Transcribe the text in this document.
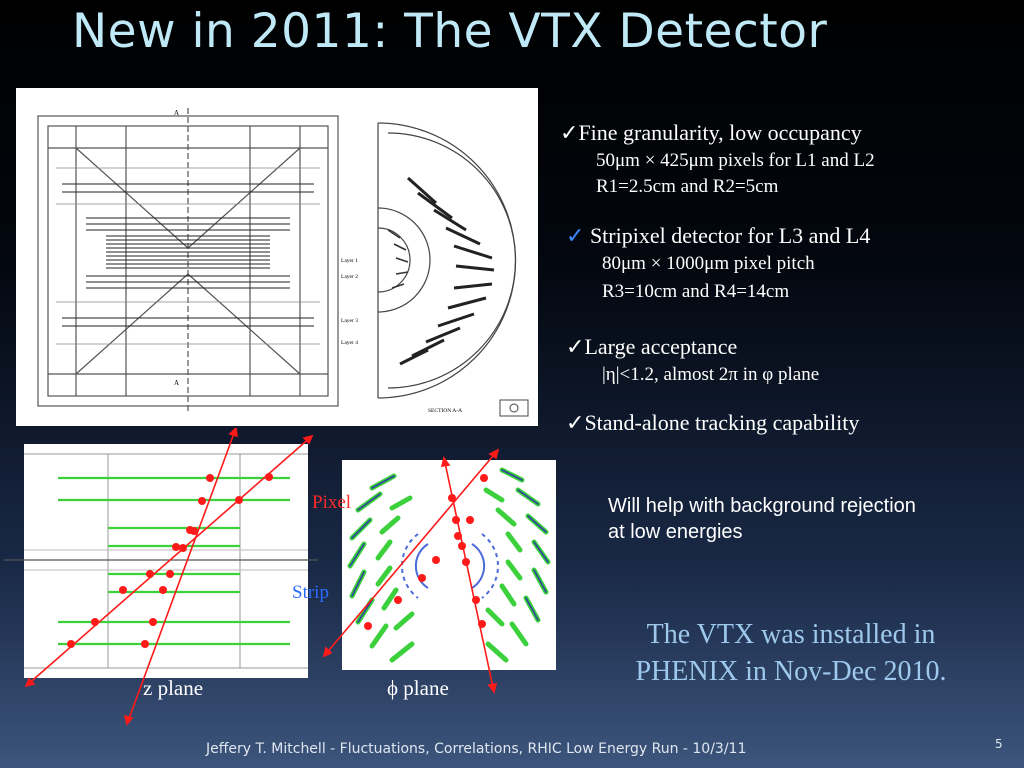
New in 2011: The VTX Detector
A
A
Layer 1
Layer 2
Layer 3
Layer 4
SECTION A-A
✓Fine granularity, low occupancy
50μm × 425μm pixels for L1 and L2
R1=2.5cm and R2=5cm
✓ Stripixel detector for L3 and L4
80μm × 1000μm pixel pitch
R3=10cm and R4=14cm
✓Large acceptance
|η|<1.2, almost 2π in φ plane
✓Stand-alone tracking capability
Pixel
Strip
z plane	ϕ plane
Will help with background rejection at low energies
The VTX was installed in PHENIX in Nov-Dec 2010.
Jeffery T. Mitchell - Fluctuations, Correlations, RHIC Low Energy Run - 10/3/11	5
